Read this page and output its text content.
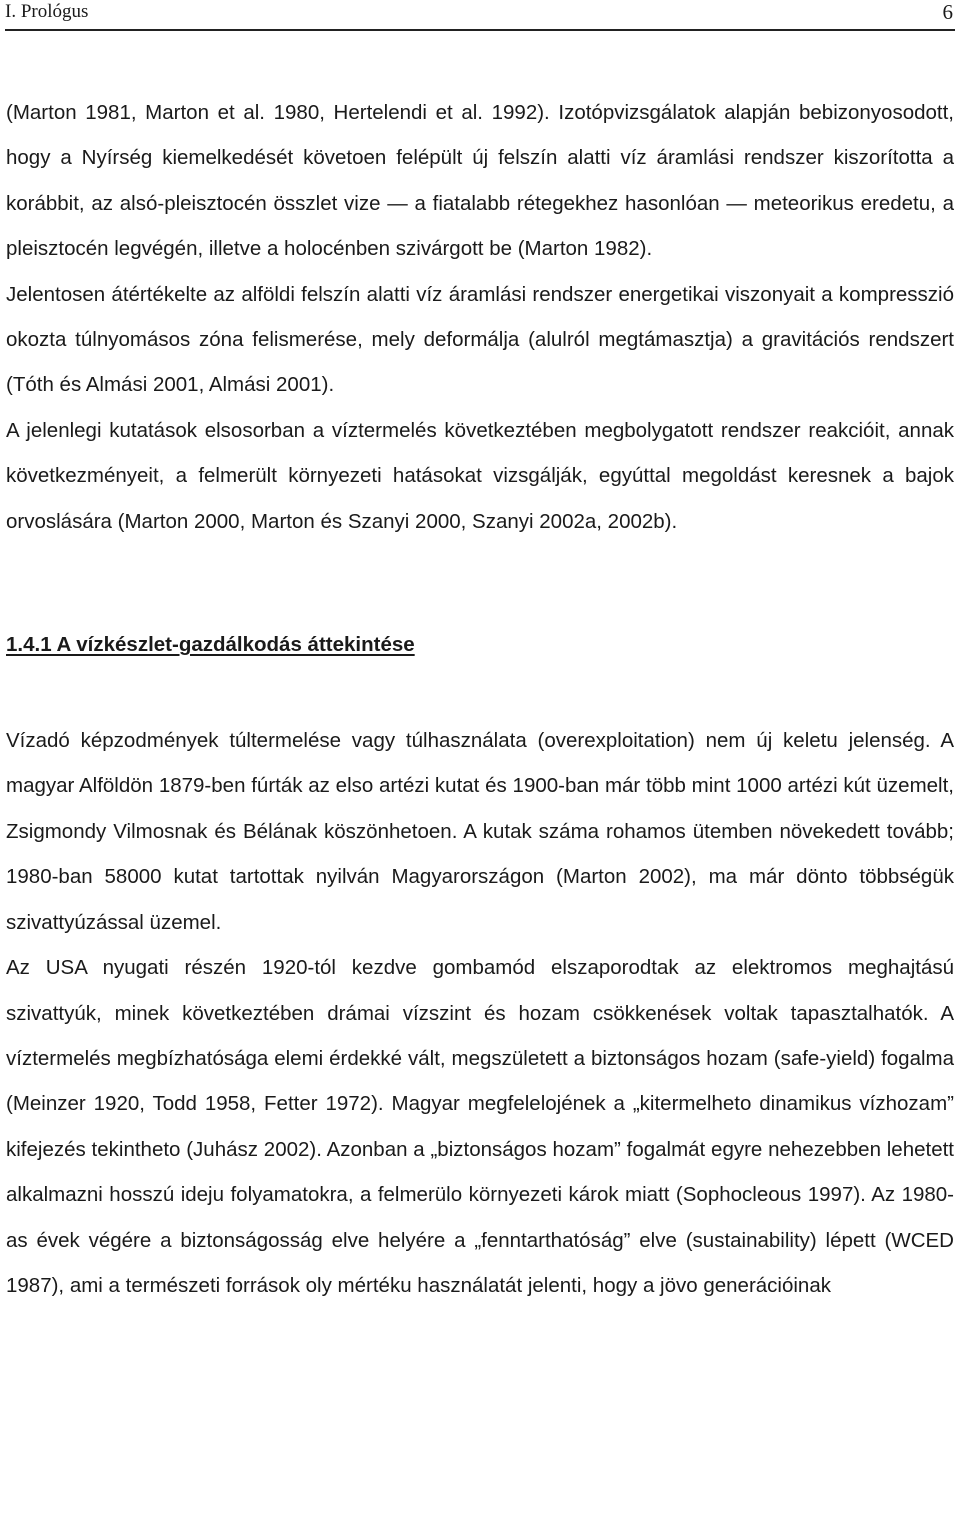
I. Prológus	6

(Marton 1981, Marton et al. 1980, Hertelendi et al. 1992). Izotópvizsgálatok alapján bebizonyosodott, hogy a Nyírség kiemelkedését követoen felépült új felszín alatti víz áramlási rendszer kiszorította a korábbit, az alsó-pleisztocén összlet vize — a fiatalabb rétegekhez hasonlóan — meteorikus eredetu, a pleisztocén legvégén, illetve a holocénben szivárgott be (Marton 1982).

Jelentosen átértékelte az alföldi felszín alatti víz áramlási rendszer energetikai viszonyait a kompresszió okozta túlnyomásos zóna felismerése, mely deformálja (alulról megtámasztja) a gravitációs rendszert (Tóth és Almási 2001, Almási 2001).

A jelenlegi kutatások elsosorban a víztermelés következtében megbolygatott rendszer reakcióit, annak következményeit, a felmerült környezeti hatásokat vizsgálják, egyúttal megoldást keresnek a bajok orvoslására (Marton 2000, Marton és Szanyi 2000, Szanyi 2002a, 2002b).

1.4.1 A vízkészlet-gazdálkodás áttekintése

Vízadó képzodmények túltermelése vagy túlhasználata (overexploitation) nem új keletu jelenség. A magyar Alföldön 1879-ben fúrták az elso artézi kutat és 1900-ban már több mint 1000 artézi kút üzemelt, Zsigmondy Vilmosnak és Bélának köszönhetoen. A kutak száma rohamos ütemben növekedett tovább; 1980-ban 58000 kutat tartottak nyilván Magyarországon (Marton 2002), ma már dönto többségük szivattyúzással üzemel.

Az USA nyugati részén 1920-tól kezdve gombamód elszaporodtak az elektromos meghajtású szivattyúk, minek következtében drámai vízszint és hozam csökkenések voltak tapasztalhatók. A víztermelés megbízhatósága elemi érdekké vált, megszületett a biztonságos hozam (safe-yield) fogalma (Meinzer 1920, Todd 1958, Fetter 1972). Magyar megfelelojének a „kitermelheto dinamikus vízhozam” kifejezés tekintheto (Juhász 2002). Azonban a „biztonságos hozam” fogalmát egyre nehezebben lehetett alkalmazni hosszú ideju folyamatokra, a felmerülo környezeti károk miatt (Sophocleous 1997). Az 1980-as évek végére a biztonságosság elve helyére a „fenntarthatóság” elve (sustainability) lépett (WCED 1987), ami a természeti források oly mértéku használatát jelenti, hogy a jövo generációinak
